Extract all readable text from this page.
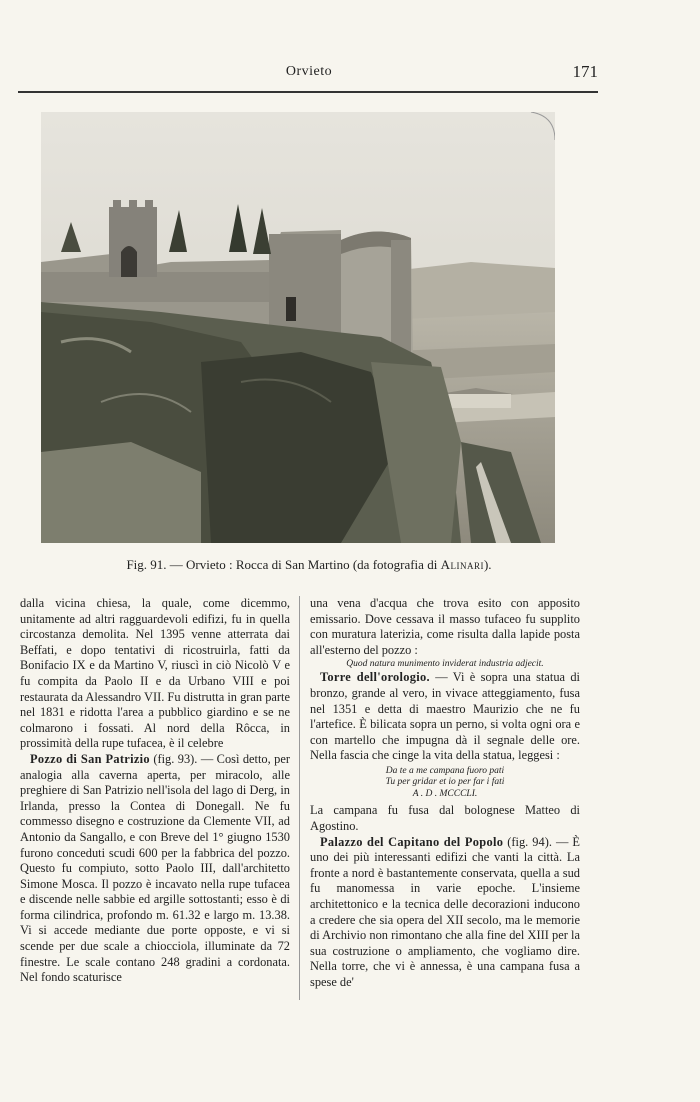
Orvieto	171
Fig. 91. — Orvieto : Rocca di San Martino (da fotografia di Alinari).

dalla vicina chiesa, la quale, come dicemmo, unitamente ad altri ragguardevoli edifizi, fu in quella circostanza demolita. Nel 1395 venne atterrata dai Beffati, e dopo tentativi di ricostruirla, fatti da Bonifacio IX e da Martino V, riuscì in ciò Nicolò V e fu compita da Paolo II e da Urbano VIII e poi restaurata da Alessandro VII. Fu distrutta in gran parte nel 1831 e ridotta l'area a pubblico giardino e se ne colmarono i fossati. Al nord della Rôcca, in prossimità della rupe tufacea, è il celebre

Pozzo di San Patrizio (fig. 93). — Così detto, per analogia alla caverna aperta, per miracolo, alle preghiere di San Patrizio nell'isola del lago di Derg, in Irlanda, presso la Contea di Donegall. Ne fu commesso disegno e costruzione da Clemente VII, ad Antonio da Sangallo, e con Breve del 1° giugno 1530 furono conceduti scudi 600 per la fabbrica del pozzo. Questo fu compiuto, sotto Paolo III, dall'architetto Simone Mosca. Il pozzo è incavato nella rupe tufacea e discende nelle sabbie ed argille sottostanti; esso è di forma cilindrica, profondo m. 61.32 e largo m. 13.38. Vi si accede mediante due porte opposte, e vi si scende per due scale a chiocciola, illuminate da 72 finestre. Le scale contano 248 gradini a cordonata. Nel fondo scaturisce

una vena d'acqua che trova esito con apposito emissario. Dove cessava il masso tufaceo fu supplito con muratura laterizia, come risulta dalla lapide posta all'esterno del pozzo :

Quod natura munimento inviderat industria adjecit.

Torre dell'orologio. — Vi è sopra una statua di bronzo, grande al vero, in vivace atteggiamento, fusa nel 1351 e detta di maestro Maurizio che ne fu l'artefice. È bilicata sopra un perno, si volta ogni ora e con martello che impugna dà il segnale delle ore. Nella fascia che cinge la vita della statua, leggesi :

Da te a me campana fuoro pati
Tu per gridar et io per far i fati
A . D . MCCCLI.

La campana fu fusa dal bolognese Matteo di Agostino.

Palazzo del Capitano del Popolo (fig. 94). — È uno dei più interessanti edifizi che vanti la città. La fronte a nord è bastantemente conservata, quella a sud fu manomessa in varie epoche. L'insieme architettonico e la tecnica delle decorazioni inducono a credere che sia opera del XII secolo, ma le memorie di Archivio non rimontano che alla fine del XIII per la sua costruzione o ampliamento, che vogliamo dire. Nella torre, che vi è annessa, è una campana fusa a spese de'
